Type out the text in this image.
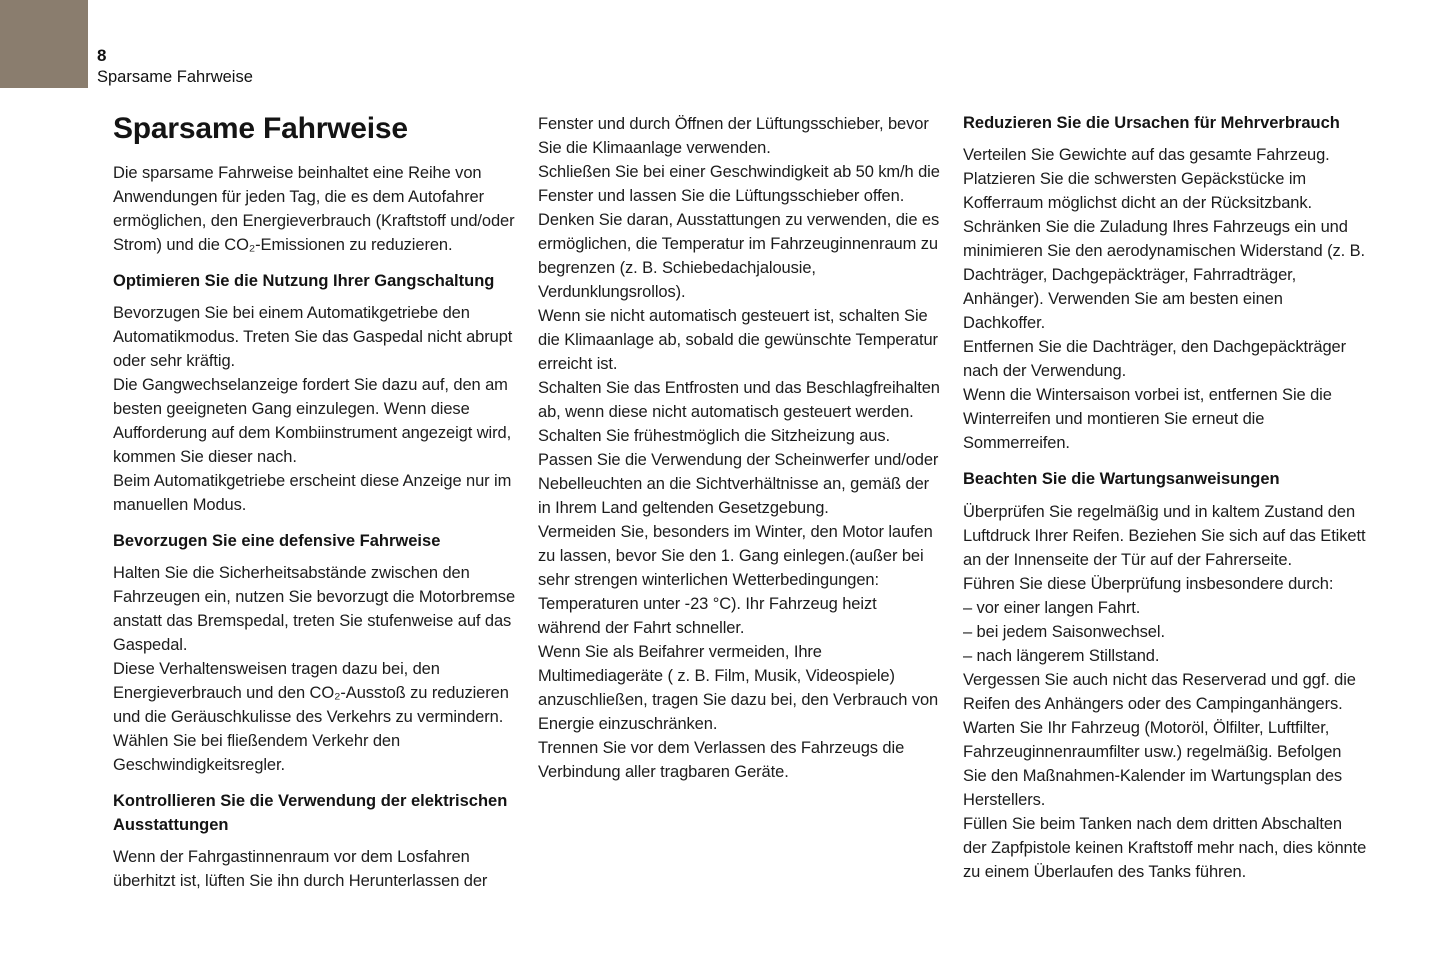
8
Sparsame Fahrweise
Sparsame Fahrweise

Die sparsame Fahrweise beinhaltet eine Reihe von Anwendungen für jeden Tag, die es dem Autofahrer ermöglichen, den Energieverbrauch (Kraftstoff und/oder Strom) und die CO₂-Emissionen zu reduzieren.

Optimieren Sie die Nutzung Ihrer Gangschaltung

Bevorzugen Sie bei einem Automatikgetriebe den Automatikmodus. Treten Sie das Gaspedal nicht abrupt oder sehr kräftig.

Die Gangwechselanzeige fordert Sie dazu auf, den am besten geeigneten Gang einzulegen. Wenn diese Aufforderung auf dem Kombiinstrument angezeigt wird, kommen Sie dieser nach.

Beim Automatikgetriebe erscheint diese Anzeige nur im manuellen Modus.

Bevorzugen Sie eine defensive Fahrweise

Halten Sie die Sicherheitsabstände zwischen den Fahrzeugen ein, nutzen Sie bevorzugt die Motorbremse anstatt das Bremspedal, treten Sie stufenweise auf das Gaspedal.

Diese Verhaltensweisen tragen dazu bei, den Energieverbrauch und den CO₂-Ausstoß zu reduzieren und die Geräuschkulisse des Verkehrs zu vermindern. Wählen Sie bei fließendem Verkehr den Geschwindigkeitsregler.

Kontrollieren Sie die Verwendung der elektrischen Ausstattungen

Wenn der Fahrgastinnenraum vor dem Losfahren überhitzt ist, lüften Sie ihn durch Herunterlassen der

Fenster und durch Öffnen der Lüftungsschieber, bevor Sie die Klimaanlage verwenden.

Schließen Sie bei einer Geschwindigkeit ab 50 km/h die Fenster und lassen Sie die Lüftungsschieber offen.

Denken Sie daran, Ausstattungen zu verwenden, die es ermöglichen, die Temperatur im Fahrzeuginnenraum zu begrenzen (z. B. Schiebedachjalousie, Verdunklungsrollos).

Wenn sie nicht automatisch gesteuert ist, schalten Sie die Klimaanlage ab, sobald die gewünschte Temperatur erreicht ist.

Schalten Sie das Entfrosten und das Beschlagfreihalten ab, wenn diese nicht automatisch gesteuert werden.

Schalten Sie frühestmöglich die Sitzheizung aus.

Passen Sie die Verwendung der Scheinwerfer und/oder Nebelleuchten an die Sichtverhältnisse an, gemäß der in Ihrem Land geltenden Gesetzgebung.

Vermeiden Sie, besonders im Winter, den Motor laufen zu lassen, bevor Sie den 1. Gang einlegen.(außer bei sehr strengen winterlichen Wetterbedingungen: Temperaturen unter -23 °C). Ihr Fahrzeug heizt während der Fahrt schneller.

Wenn Sie als Beifahrer vermeiden, Ihre Multimediageräte ( z. B. Film, Musik, Videospiele) anzuschließen, tragen Sie dazu bei, den Verbrauch von Energie einzuschränken.

Trennen Sie vor dem Verlassen des Fahrzeugs die Verbindung aller tragbaren Geräte.

Reduzieren Sie die Ursachen für Mehrverbrauch

Verteilen Sie Gewichte auf das gesamte Fahrzeug. Platzieren Sie die schwersten Gepäckstücke im Kofferraum möglichst dicht an der Rücksitzbank.

Schränken Sie die Zuladung Ihres Fahrzeugs ein und minimieren Sie den aerodynamischen Widerstand (z. B. Dachträger, Dachgepäckträger, Fahrradträger, Anhänger). Verwenden Sie am besten einen Dachkoffer.

Entfernen Sie die Dachträger, den Dachgepäckträger nach der Verwendung.

Wenn die Wintersaison vorbei ist, entfernen Sie die Winterreifen und montieren Sie erneut die Sommerreifen.

Beachten Sie die Wartungsanweisungen

Überprüfen Sie regelmäßig und in kaltem Zustand den Luftdruck Ihrer Reifen. Beziehen Sie sich auf das Etikett an der Innenseite der Tür auf der Fahrerseite.

Führen Sie diese Überprüfung insbesondere durch:

– vor einer langen Fahrt.
– bei jedem Saisonwechsel.
– nach längerem Stillstand.

Vergessen Sie auch nicht das Reserverad und ggf. die Reifen des Anhängers oder des Campinganhängers.

Warten Sie Ihr Fahrzeug (Motoröl, Ölfilter, Luftfilter, Fahrzeuginnenraumfilter usw.) regelmäßig. Befolgen Sie den Maßnahmen-Kalender im Wartungsplan des Herstellers.

Füllen Sie beim Tanken nach dem dritten Abschalten der Zapfpistole keinen Kraftstoff mehr nach, dies könnte zu einem Überlaufen des Tanks führen.
